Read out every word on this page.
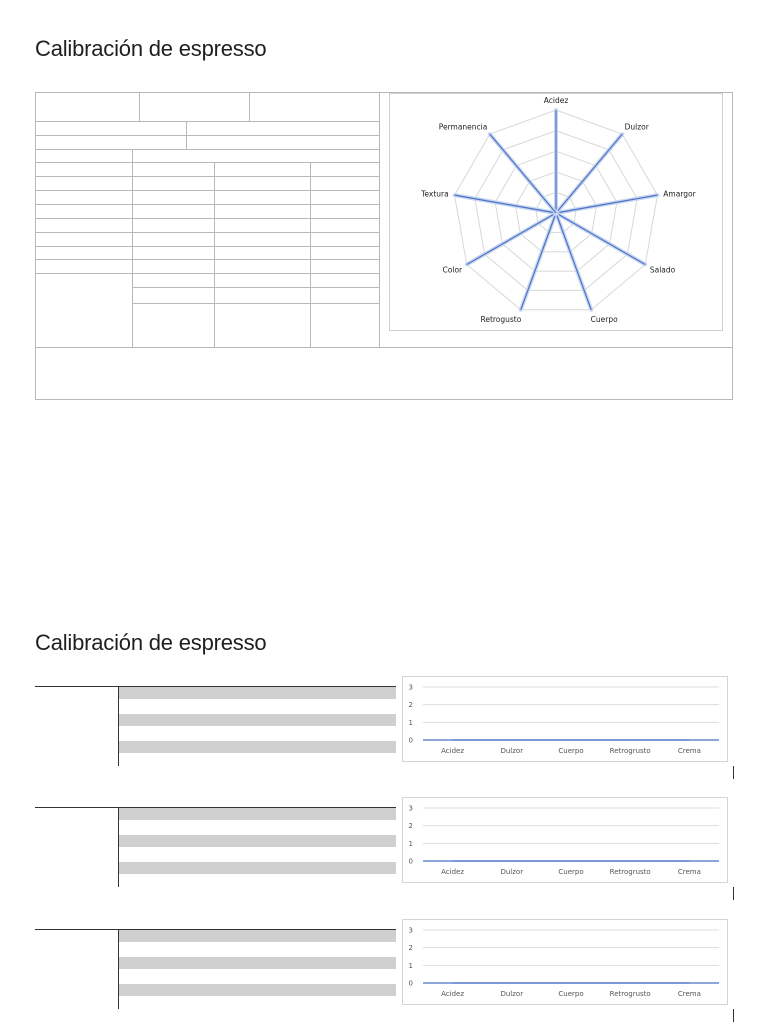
Calibración de espresso
Acidez
Dulzor
Amargor
Salado
Cuerpo
Retrogusto
Color
Textura
Permanencia
Calibración de espresso
0
1
2
3
Acidez	Dulzor	Cuerpo	Retrogrusto	Crema
0
1
2
3
Acidez	Dulzor	Cuerpo	Retrogrusto	Crema
0
1
2
3
Acidez	Dulzor	Cuerpo	Retrogrusto	Crema
